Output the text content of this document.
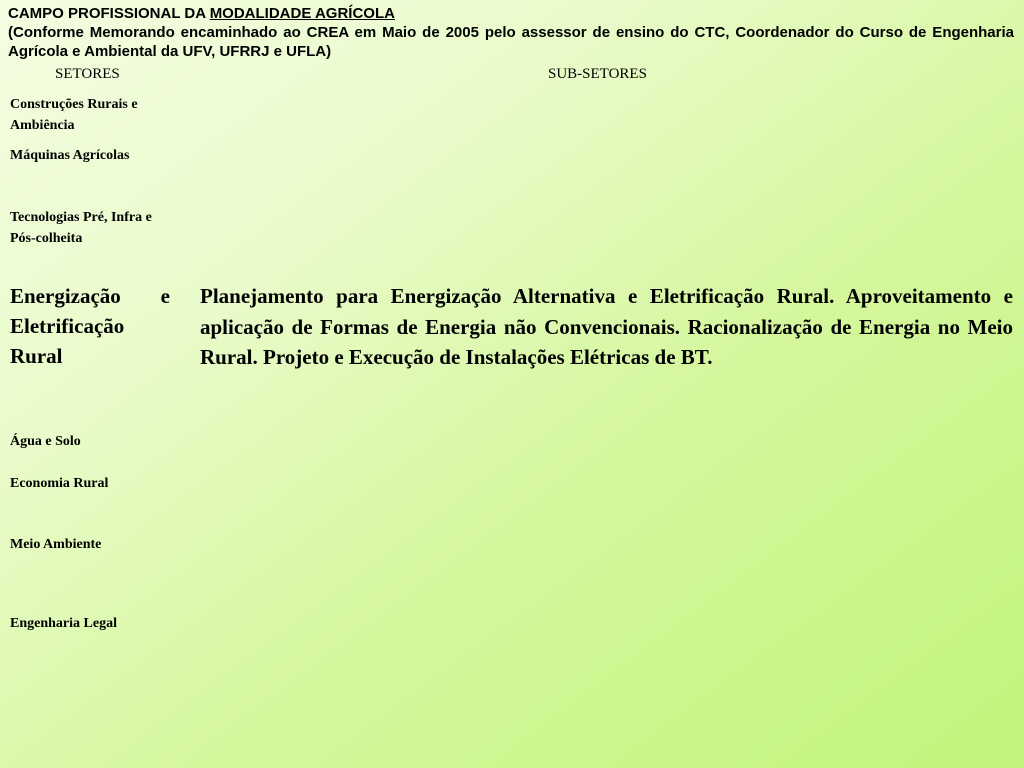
CAMPO PROFISSIONAL DA MODALIDADE AGRÍCOLA

(Conforme Memorando encaminhado ao CREA em Maio de 2005 pelo assessor de ensino do CTC, Coordenador do Curso de Engenharia Agrícola e Ambiental da UFV, UFRRJ e UFLA)

SETORES	SUB-SETORES
Construções Rurais e Ambiência
Máquinas Agrícolas
Tecnologias Pré, Infra e Pós-colheita
Energização e Eletrificação Rural
Água e Solo
Economia Rural
Meio Ambiente
Engenharia Legal
Planejamento para Energização Alternativa e Eletrificação Rural. Aproveitamento e aplicação de Formas de Energia não Convencionais. Racionalização de Energia no Meio Rural. Projeto e Execução de Instalações Elétricas de BT.
